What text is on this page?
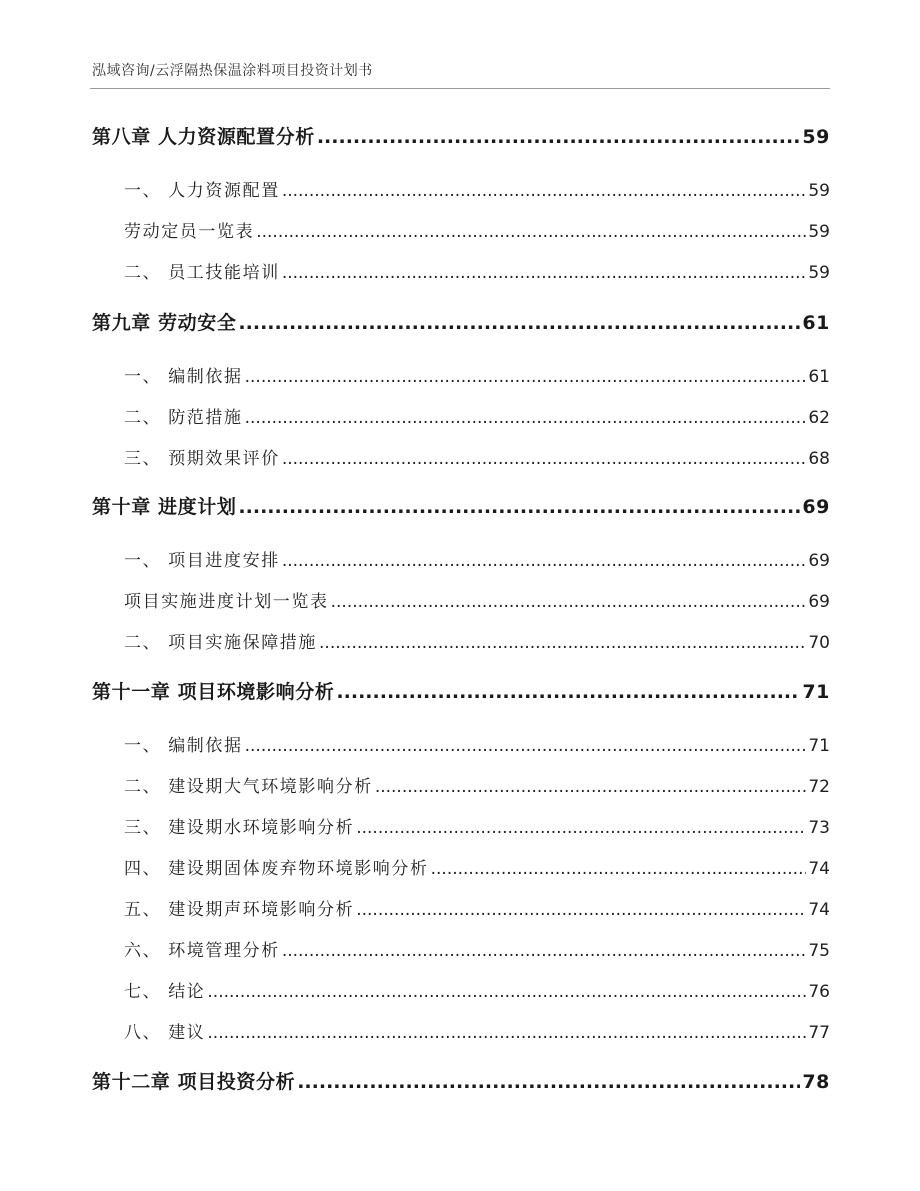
泓域咨询/云浮隔热保温涂料项目投资计划书
第八章 人力资源配置分析 .....	59
一、 人力资源配置 .....	59
劳动定员一览表 .....	59
二、 员工技能培训 .....	59
第九章 劳动安全 .....	61
一、 编制依据 .....	61
二、 防范措施 .....	62
三、 预期效果评价 .....	68
第十章 进度计划 .....	69
一、 项目进度安排 .....	69
项目实施进度计划一览表 .....	69
二、 项目实施保障措施 .....	70
第十一章 项目环境影响分析 .....	71
一、 编制依据 .....	71
二、 建设期大气环境影响分析 .....	72
三、 建设期水环境影响分析 .....	73
四、 建设期固体废弃物环境影响分析 .....	74
五、 建设期声环境影响分析 .....	74
六、 环境管理分析 .....	75
七、 结论 .....	76
八、 建议 .....	77
第十二章 项目投资分析 .....	78
